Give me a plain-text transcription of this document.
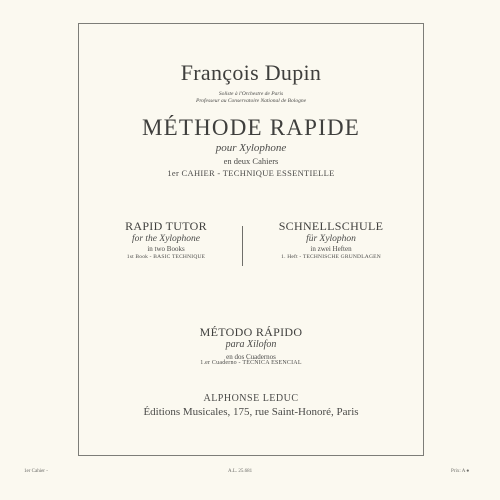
François Dupin
Soliste à l'Orchestre de Paris
Professeur au Conservatoire National de Bologne
MÉTHODE RAPIDE
pour Xylophone
en deux Cahiers
1er CAHIER - TECHNIQUE ESSENTIELLE
RAPID TUTOR
for the Xylophone
in two Books
1st Book - BASIC TECHNIQUE
SCHNELLSCHULE
für Xylophon
in zwei Heften
1. Heft - TECHNISCHE GRUNDLAGEN
MÉTODO RÁPIDO
para Xilofon
en dos Cuadernos
1.er Cuaderno - TÉCNICA ESENCIAL
ALPHONSE LEDUC
Éditions Musicales, 175, rue Saint-Honoré, Paris
1er Cahier -	A.L. 25.681	Prix: A ●
